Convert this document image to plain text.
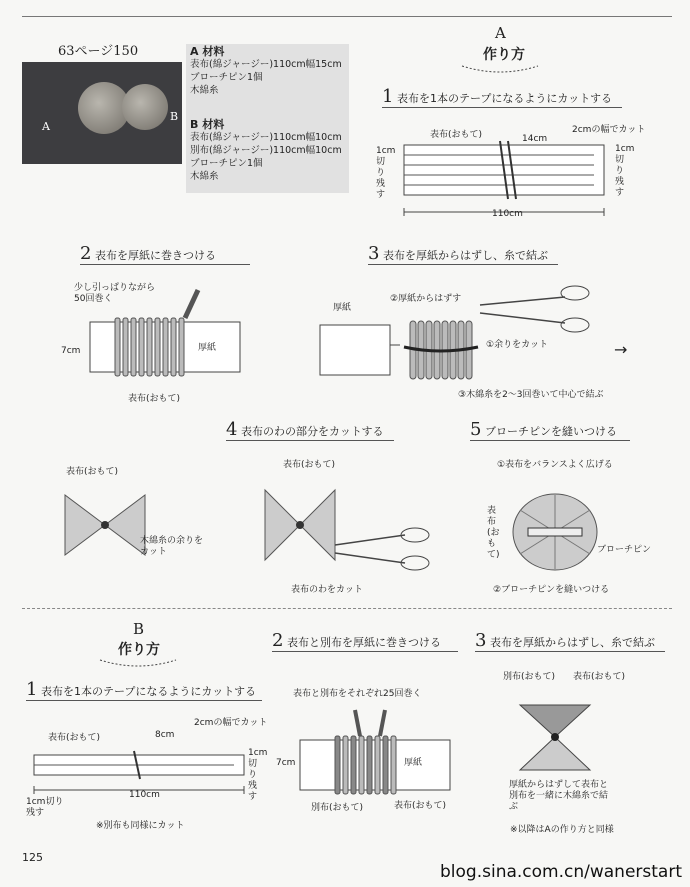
63ページ150
A
B
A 材料
表布(綿ジャージー)110cm幅15cm
ブローチピン1個
木綿糸
B 材料
表布(綿ジャージー)110cm幅10cm
別布(綿ジャージー)110cm幅10cm
ブローチピン1個
木綿糸
A
作り方
1 表布を1本のテープになるようにカットする
表布(おもて)	14cm
2cmの幅でカット
1cm切り残す
1cm切り残す
110cm
2 表布を厚紙に巻きつける
少し引っぱりながら50回巻く
7cm	厚紙
表布(おもて)
3 表布を厚紙からはずし、糸で結ぶ
厚紙
②厚紙からはずす
①余りをカット
③木綿糸を2〜3回巻いて中心で結ぶ
→
4 表布のわの部分をカットする
表布(おもて)
木綿糸の余りをカット
表布(おもて)
表布のわをカット
5 ブローチピンを縫いつける
①表布をバランスよく広げる
表布(おもて)	ブローチピン
②ブローチピンを縫いつける
B
作り方
1 表布を1本のテープになるようにカットする
表布(おもて)	8cm
2cmの幅でカット
1cm切り残す
1cm切り残す
110cm
※別布も同様にカット
2 表布と別布を厚紙に巻きつける
表布と別布をそれぞれ25回巻く
7cm	厚紙
別布(おもて)	表布(おもて)
3 表布を厚紙からはずし、糸で結ぶ
別布(おもて) 表布(おもて)
厚紙からはずして表布と別布を一緒に木綿糸で結ぶ
※以降はAの作り方と同様
125
blog.sina.com.cn/wanerstart
